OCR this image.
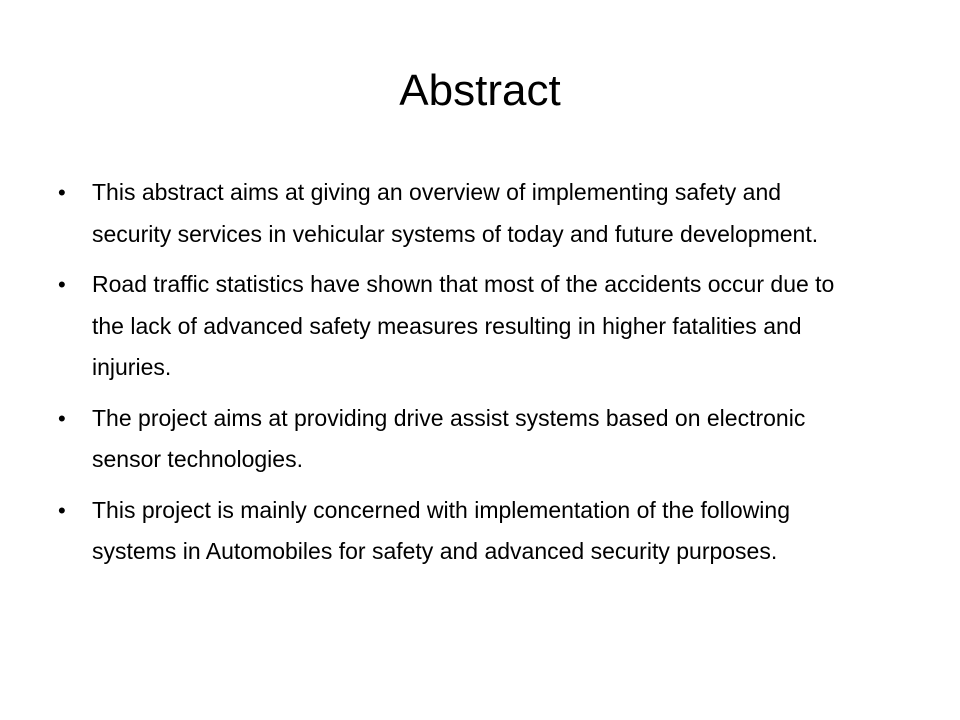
Abstract
•	This abstract aims at giving an overview of implementing safety and security services in vehicular systems of today and future development.
•	Road traffic statistics have shown that most of the accidents occur due to the lack of advanced safety measures resulting in higher fatalities and injuries.
•	The project aims at providing drive assist systems based on electronic sensor technologies.
•	This project is mainly concerned with implementation of the following systems in Automobiles for safety and advanced security purposes.
